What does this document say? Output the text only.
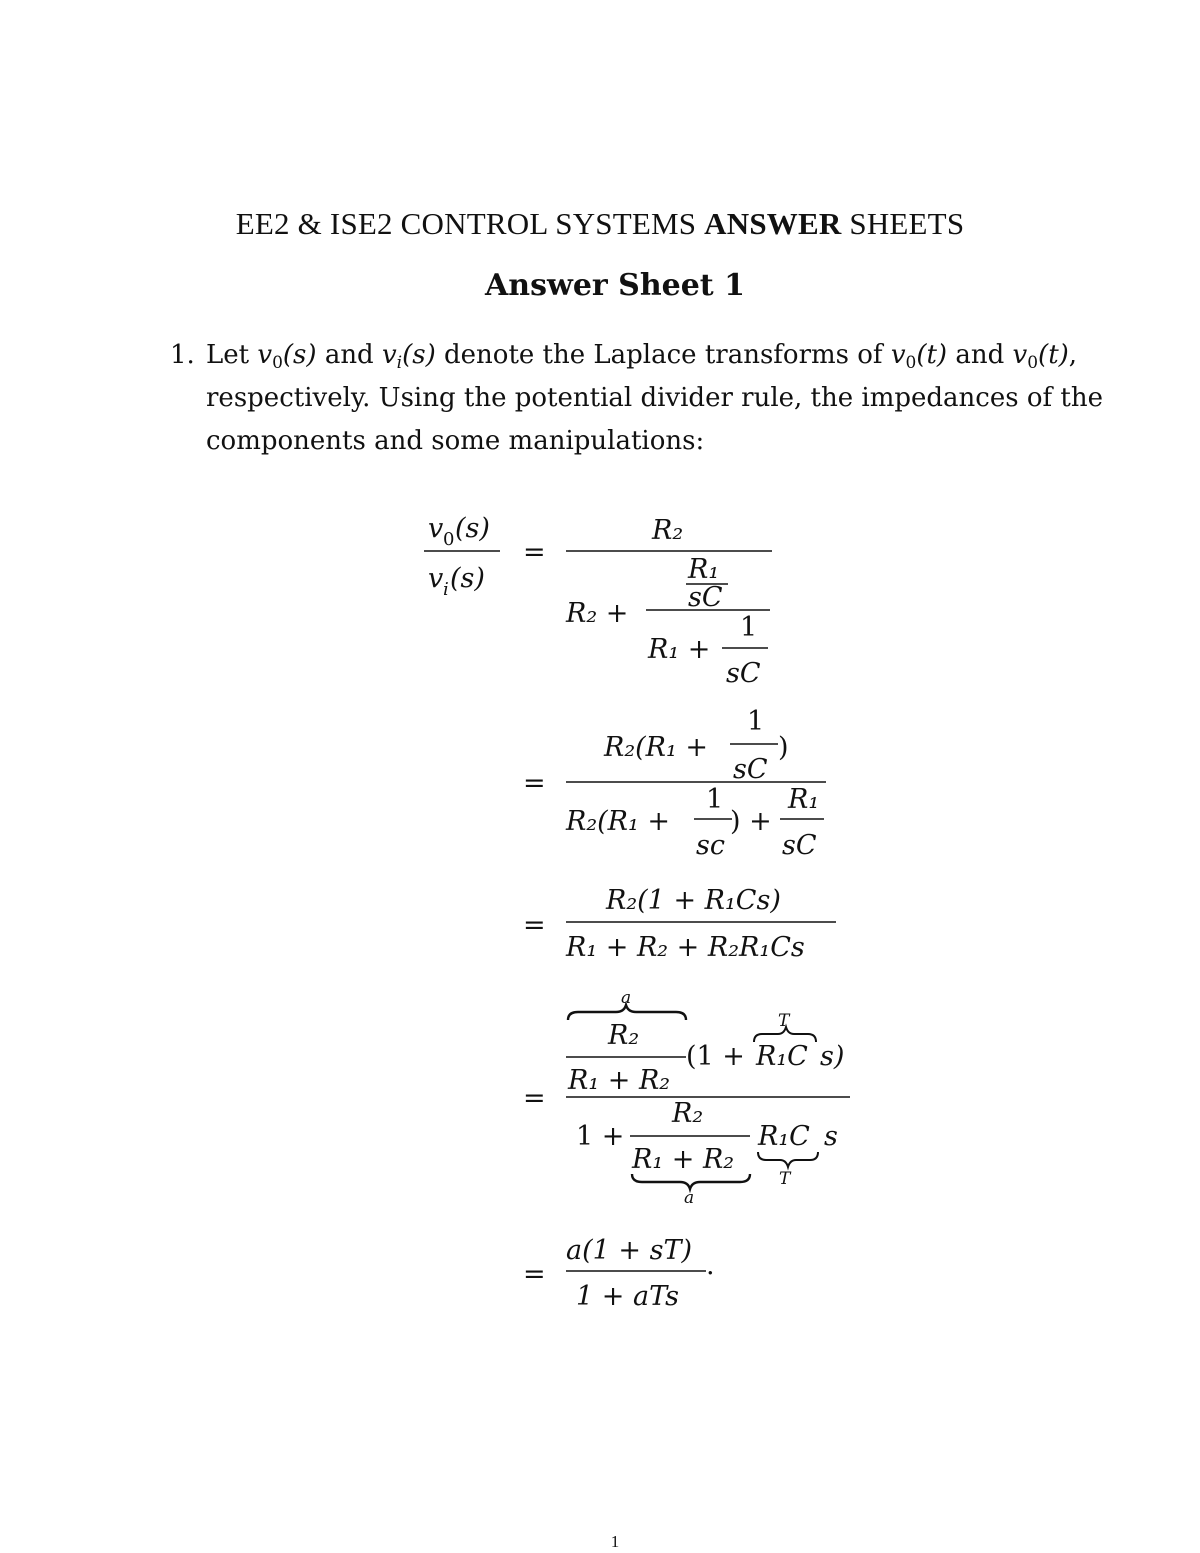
EE2 & ISE2 CONTROL SYSTEMS ANSWER SHEETS
Answer Sheet 1
1. Let $v_0(s)$ and $v_i(s)$ denote the Laplace transforms of $v_0(t)$ and $v_0(t)$, respectively. Using the potential divider rule, the impedances of the components and some manipulations:
v 0 (s)
v i (s)
=
R₂
R₂ +
R₁
sC
R₁ +
1
sC
=
R₂(R₁ +
1
sC
)
R₂(R₁ +
1
sc
) +
R₁
sC
=
R₂(1 + R₁Cs)
R₁ + R₂ + R₂R₁Cs
=
a
R₂
R₁ + R₂
(1 +
T
R₁C s)
1 +
R₂
R₁ + R₂
a
R₁C s
T
=
a(1 + sT) .
1 + aTs
1
